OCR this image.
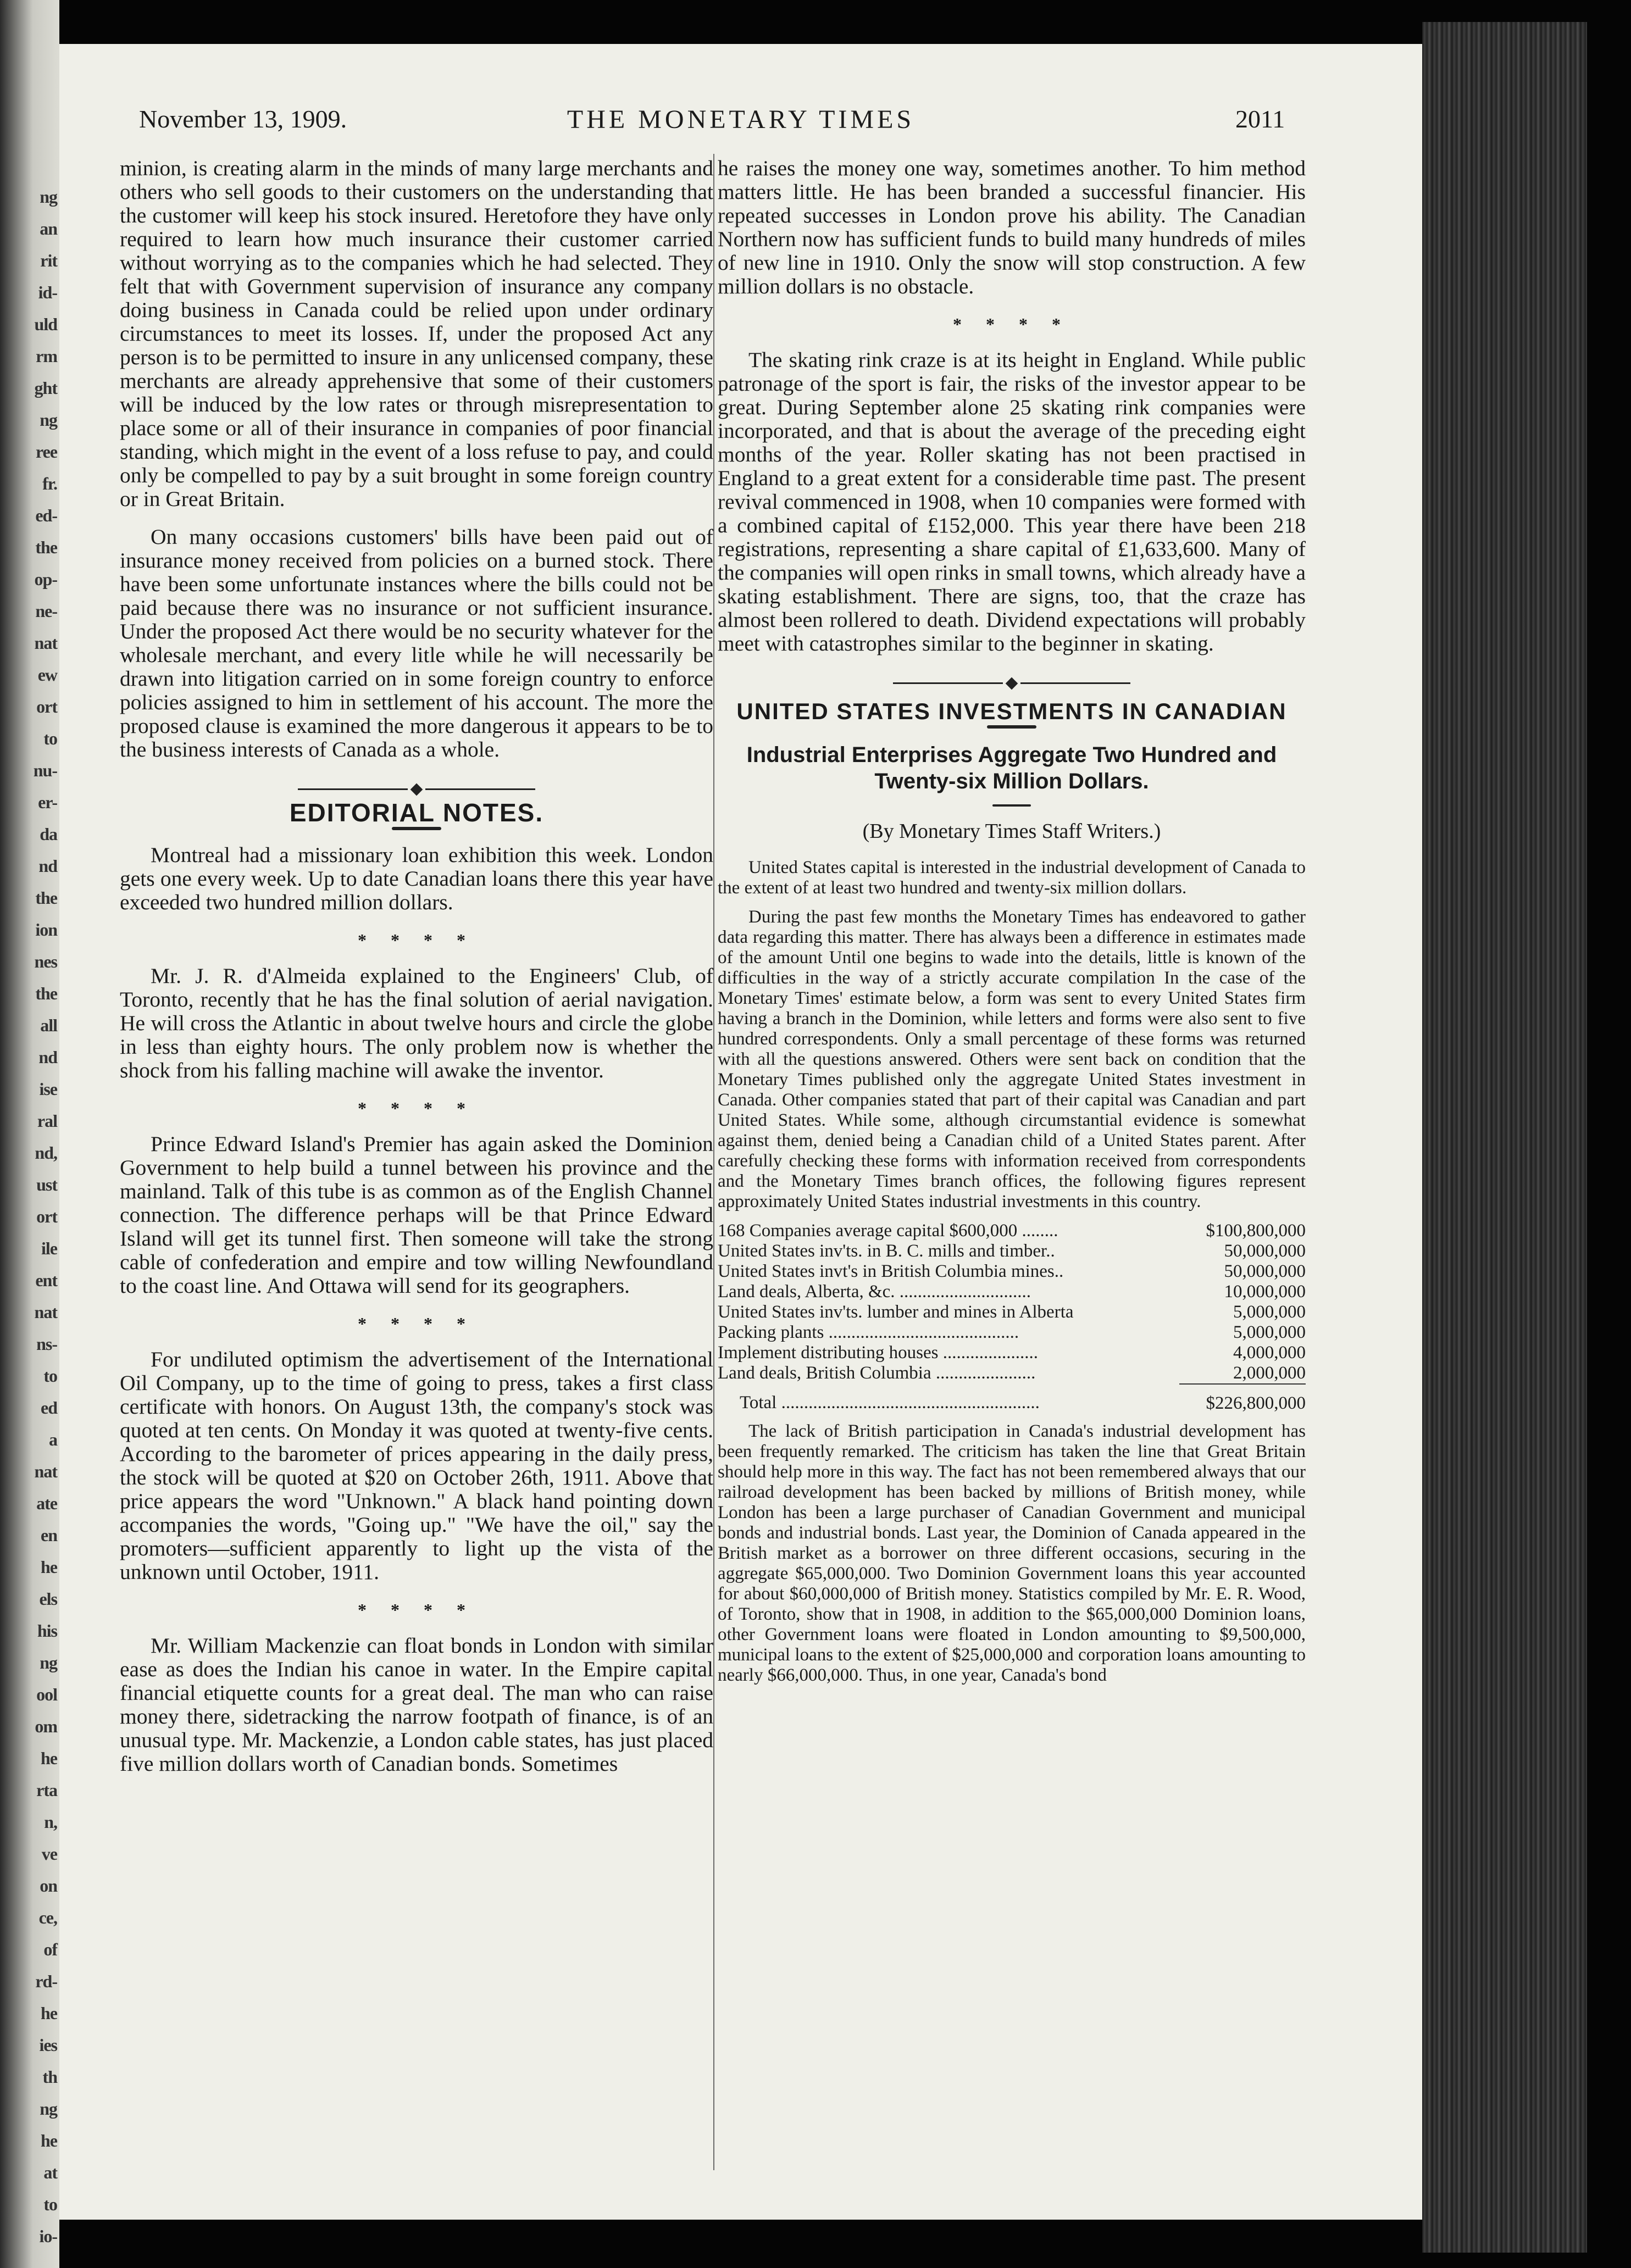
ng
an
rit
id-
uld
rm
ght
ng
ree
fr.
ed-
the
op-
ne-
nat
ew
ort
to
nu-
er-
da
nd
the
ion
nes
the
all
nd
ise
ral
nd,
ust
ort
ile
ent
nat
ns-
to
ed
a
nat
ate
en
he
els
his
ng
ool
om
he
rta
n,
ve
on
ce,
of
rd-
he
ies
th
ng
he
at
to
io-
November 13, 1909.	THE MONETARY TIMES	2011

minion, is creating alarm in the minds of many large merchants and others who sell goods to their customers on the understanding that the customer will keep his stock insured. Heretofore they have only required to learn how much insurance their customer carried without worrying as to the companies which he had selected. They felt that with Government supervision of insurance any company doing business in Canada could be relied upon under ordinary circumstances to meet its losses. If, under the proposed Act any person is to be permitted to insure in any unlicensed company, these merchants are already apprehensive that some of their customers will be induced by the low rates or through misrepresentation to place some or all of their insurance in companies of poor financial standing, which might in the event of a loss refuse to pay, and could only be compelled to pay by a suit brought in some foreign country or in Great Britain.

On many occasions customers' bills have been paid out of insurance money received from policies on a burned stock. There have been some unfortunate instances where the bills could not be paid because there was no insurance or not sufficient insurance. Under the proposed Act there would be no security whatever for the wholesale merchant, and every litle while he will necessarily be drawn into litigation carried on in some foreign country to enforce policies assigned to him in settlement of his account. The more the proposed clause is examined the more dangerous it appears to be to the business interests of Canada as a whole.

EDITORIAL NOTES.

Montreal had a missionary loan exhibition this week. London gets one every week. Up to date Canadian loans there this year have exceeded two hundred million dollars.

* * * *

Mr. J. R. d'Almeida explained to the Engineers' Club, of Toronto, recently that he has the final solution of aerial navigation. He will cross the Atlantic in about twelve hours and circle the globe in less than eighty hours. The only problem now is whether the shock from his falling machine will awake the inventor.

* * * *

Prince Edward Island's Premier has again asked the Dominion Government to help build a tunnel between his province and the mainland. Talk of this tube is as common as of the English Channel connection. The difference perhaps will be that Prince Edward Island will get its tunnel first. Then someone will take the strong cable of confederation and empire and tow willing Newfoundland to the coast line. And Ottawa will send for its geographers.

* * * *

For undiluted optimism the advertisement of the International Oil Company, up to the time of going to press, takes a first class certificate with honors. On August 13th, the company's stock was quoted at ten cents. On Monday it was quoted at twenty-five cents. According to the barometer of prices appearing in the daily press, the stock will be quoted at $20 on October 26th, 1911. Above that price appears the word "Unknown." A black hand pointing down accompanies the words, "Going up." "We have the oil," say the promoters—sufficient apparently to light up the vista of the unknown until October, 1911.

* * * *

Mr. William Mackenzie can float bonds in London with similar ease as does the Indian his canoe in water. In the Empire capital financial etiquette counts for a great deal. The man who can raise money there, sidetracking the narrow footpath of finance, is of an unusual type. Mr. Mackenzie, a London cable states, has just placed five million dollars worth of Canadian bonds. Sometimes

he raises the money one way, sometimes another. To him method matters little. He has been branded a successful financier. His repeated successes in London prove his ability. The Canadian Northern now has sufficient funds to build many hundreds of miles of new line in 1910. Only the snow will stop construction. A few million dollars is no obstacle.

* * * *

The skating rink craze is at its height in England. While public patronage of the sport is fair, the risks of the investor appear to be great. During September alone 25 skating rink companies were incorporated, and that is about the average of the preceding eight months of the year. Roller skating has not been practised in England to a great extent for a considerable time past. The present revival commenced in 1908, when 10 companies were formed with a combined capital of £152,000. This year there have been 218 registrations, representing a share capital of £1,633,600. Many of the companies will open rinks in small towns, which already have a skating establishment. There are signs, too, that the craze has almost been rollered to death. Dividend expectations will probably meet with catastrophes similar to the beginner in skating.

UNITED STATES INVESTMENTS IN CANADIAN
Industrial Enterprises Aggregate Two Hundred and Twenty-six Million Dollars.
(By Monetary Times Staff Writers.)

United States capital is interested in the industrial development of Canada to the extent of at least two hundred and twenty-six million dollars.

During the past few months the Monetary Times has endeavored to gather data regarding this matter. There has always been a difference in estimates made of the amount Until one begins to wade into the details, little is known of the difficulties in the way of a strictly accurate compilation In the case of the Monetary Times' estimate below, a form was sent to every United States firm having a branch in the Dominion, while letters and forms were also sent to five hundred correspondents. Only a small percentage of these forms was returned with all the questions answered. Others were sent back on condition that the Monetary Times published only the aggregate United States investment in Canada. Other companies stated that part of their capital was Canadian and part United States. While some, although circumstantial evidence is somewhat against them, denied being a Canadian child of a United States parent. After carefully checking these forms with information received from correspondents and the Monetary Times branch offices, the following figures represent approximately United States industrial investments in this country.

168 Companies average capital $600,000 ........	$100,800,000
United States inv'ts. in B. C. mills and timber..	50,000,000
United States invt's in British Columbia mines..	50,000,000
Land deals, Alberta, &c. .............................	10,000,000
United States inv'ts. lumber and mines in Alberta	5,000,000
Packing plants ..........................................	5,000,000
Implement distributing houses .....................	4,000,000
Land deals, British Columbia ......................	2,000,000
Total .........................................................	$226,800,000

The lack of British participation in Canada's industrial development has been frequently remarked. The criticism has taken the line that Great Britain should help more in this way. The fact has not been remembered always that our railroad development has been backed by millions of British money, while London has been a large purchaser of Canadian Government and municipal bonds and industrial bonds. Last year, the Dominion of Canada appeared in the British market as a borrower on three different occasions, securing in the aggregate $65,000,000. Two Dominion Government loans this year accounted for about $60,000,000 of British money. Statistics compiled by Mr. E. R. Wood, of Toronto, show that in 1908, in addition to the $65,000,000 Dominion loans, other Government loans were floated in London amounting to $9,500,000, municipal loans to the extent of $25,000,000 and corporation loans amounting to nearly $66,000,000. Thus, in one year, Canada's bond
